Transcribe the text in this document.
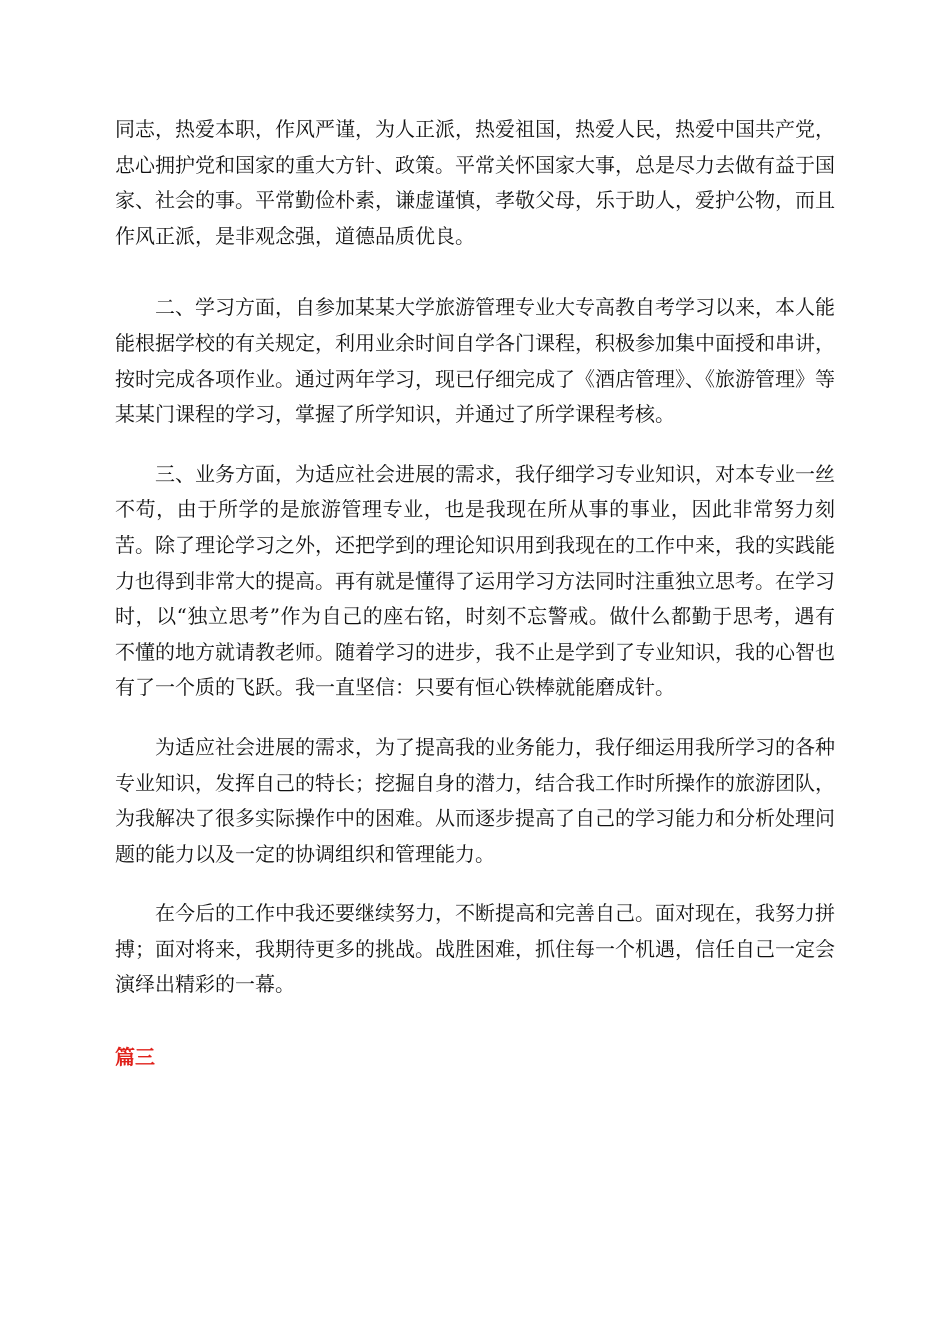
同志，热爱本职，作风严谨，为人正派，热爱祖国，热爱人民，热爱中国共产党，忠心拥护党和国家的重大方针、政策。平常关怀国家大事，总是尽力去做有益于国家、社会的事。平常勤俭朴素，谦虚谨慎，孝敬父母，乐于助人，爱护公物，而且作风正派，是非观念强，道德品质优良。

二、学习方面，自参加某某大学旅游管理专业大专高教自考学习以来，本人能能根据学校的有关规定，利用业余时间自学各门课程，积极参加集中面授和串讲，按时完成各项作业。通过两年学习，现已仔细完成了《酒店管理》、《旅游管理》等某某门课程的学习，掌握了所学知识，并通过了所学课程考核。

三、业务方面，为适应社会进展的需求，我仔细学习专业知识，对本专业一丝不苟，由于所学的是旅游管理专业，也是我现在所从事的事业，因此非常努力刻苦。除了理论学习之外，还把学到的理论知识用到我现在的工作中来，我的实践能力也得到非常大的提高。再有就是懂得了运用学习方法同时注重独立思考。在学习时，以“独立思考”作为自己的座右铭，时刻不忘警戒。做什么都勤于思考，遇有不懂的地方就请教老师。随着学习的进步，我不止是学到了专业知识，我的心智也有了一个质的飞跃。我一直坚信：只要有恒心铁棒就能磨成针。

为适应社会进展的需求，为了提高我的业务能力，我仔细运用我所学习的各种专业知识，发挥自己的特长；挖掘自身的潜力，结合我工作时所操作的旅游团队，为我解决了很多实际操作中的困难。从而逐步提高了自己的学习能力和分析处理问题的能力以及一定的协调组织和管理能力。

在今后的工作中我还要继续努力，不断提高和完善自己。面对现在，我努力拼搏；面对将来，我期待更多的挑战。战胜困难，抓住每一个机遇，信任自己一定会演绎出精彩的一幕。

篇三
